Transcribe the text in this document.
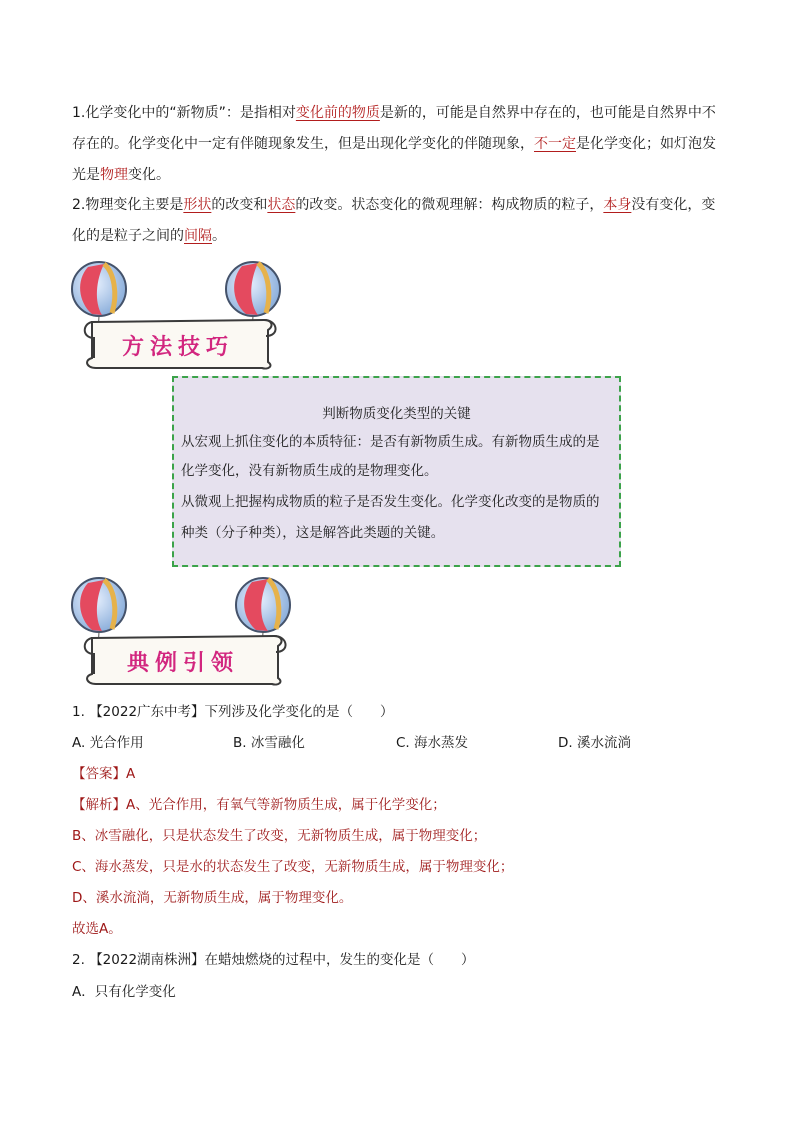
1.化学变化中的“新物质”：是指相对变化前的物质是新的，可能是自然界中存在的，也可能是自然界中不存在的。化学变化中一定有伴随现象发生，但是出现化学变化的伴随现象，不一定是化学变化；如灯泡发光是物理变化。

2.物理变化主要是形状的改变和状态的改变。状态变化的微观理解：构成物质的粒子，本身没有变化，变化的是粒子之间的间隔。

方法技巧
判断物质变化类型的关键
从宏观上抓住变化的本质特征：是否有新物质生成。有新物质生成的是
化学变化，没有新物质生成的是物理变化。
从微观上把握构成物质的粒子是否发生变化。化学变化改变的是物质的
种类（分子种类），这是解答此类题的关键。
典例引领
1. 【2022广东中考】下列涉及化学变化的是（　　）
A. 光合作用	B. 冰雪融化	C. 海水蒸发	D. 溪水流淌
【答案】A
【解析】A、光合作用，有氧气等新物质生成，属于化学变化；
B、冰雪融化，只是状态发生了改变，无新物质生成，属于物理变化；
C、海水蒸发，只是水的状态发生了改变，无新物质生成，属于物理变化；
D、溪水流淌，无新物质生成，属于物理变化。
故选A。
2. 【2022湖南株洲】在蜡烛燃烧的过程中，发生的变化是（　　）
A．只有化学变化
